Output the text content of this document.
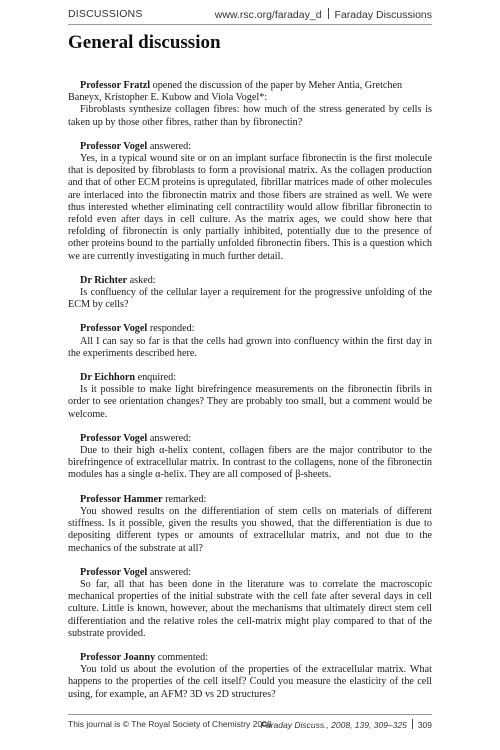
DISCUSSIONS	www.rsc.org/faraday_d Faraday Discussions
General discussion
Professor Fratzl opened the discussion of the paper by Meher Antia, Gretchen Baneyx, Kristopher E. Kubow and Viola Vogel*:
Fibroblasts synthesize collagen fibres: how much of the stress generated by cells is taken up by those other fibres, rather than by fibronectin?
Professor Vogel answered:
Yes, in a typical wound site or on an implant surface fibronectin is the first molecule that is deposited by fibroblasts to form a provisional matrix. As the collagen production and that of other ECM proteins is upregulated, fibrillar matrices made of other molecules are interlaced into the fibronectin matrix and those fibers are strained as well. We were thus interested whether eliminating cell contractility would allow fibrillar fibronectin to refold even after days in cell culture. As the matrix ages, we could show here that refolding of fibronectin is only partially inhibited, potentially due to the presence of other proteins bound to the partially unfolded fibronectin fibers. This is a question which we are currently investigating in much further detail.
Dr Richter asked:
Is confluency of the cellular layer a requirement for the progressive unfolding of the ECM by cells?
Professor Vogel responded:
All I can say so far is that the cells had grown into confluency within the first day in the experiments described here.
Dr Eichhorn enquired:
Is it possible to make light birefringence measurements on the fibronectin fibrils in order to see orientation changes? They are probably too small, but a comment would be welcome.
Professor Vogel answered:
Due to their high α-helix content, collagen fibers are the major contributor to the birefringence of extracellular matrix. In contrast to the collagens, none of the fibronectin modules has a single α-helix. They are all composed of β-sheets.
Professor Hammer remarked:
You showed results on the differentiation of stem cells on materials of different stiffness. Is it possible, given the results you showed, that the differentiation is due to depositing different types or amounts of extracellular matrix, and not due to the mechanics of the substrate at all?
Professor Vogel answered:
So far, all that has been done in the literature was to correlate the macroscopic mechanical properties of the initial substrate with the cell fate after several days in cell culture. Little is known, however, about the mechanisms that ultimately direct stem cell differentiation and the relative roles the cell-matrix might play compared to that of the substrate provided.
Professor Joanny commented:
You told us about the evolution of the properties of the extracellular matrix. What happens to the properties of the cell itself? Could you measure the elasticity of the cell using, for example, an AFM? 3D vs 2D structures?
This journal is © The Royal Society of Chemistry 2008
Faraday Discuss., 2008, 139, 309–325 309
